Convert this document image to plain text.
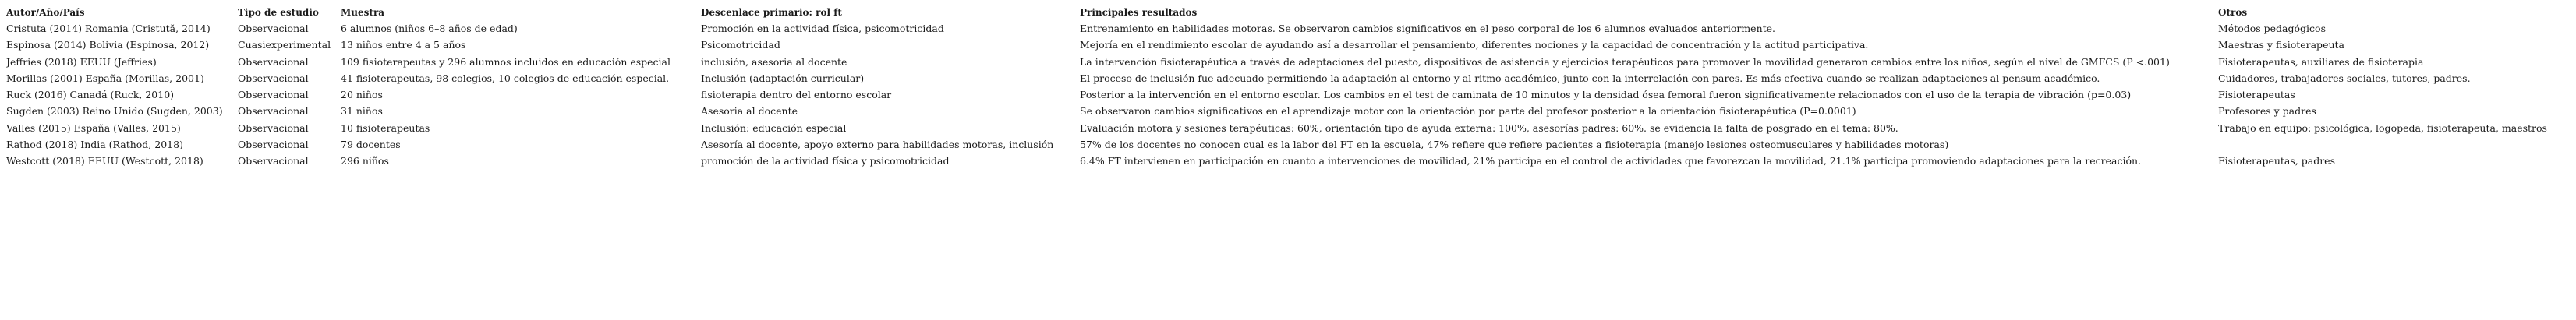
Autor/Año/País	Tipo de estudio	Muestra	Descenlace primario: rol ft	Principales resultados	Otros
Cristuta (2014) Romania (Cristută, 2014)	Observacional	6 alumnos (niños 6–8 años de edad)	Promoción en la actividad física, psicomotricidad	Entrenamiento en habilidades motoras. Se observaron cambios significativos en el peso corporal de los 6 alumnos evaluados anteriormente.	Métodos pedagógicos
Espinosa (2014) Bolivia (Espinosa, 2012)	Cuasiexperimental	13 niños entre 4 a 5 años	Psicomotricidad	Mejoría en el rendimiento escolar de ayudando así a desarrollar el pensamiento, diferentes nociones y la capacidad de concentración y la actitud participativa.	Maestras y fisioterapeuta
Jeffries (2018) EEUU (Jeffries)	Observacional	109 fisioterapeutas y 296 alumnos incluidos en educación especial	inclusión, asesoria al docente	La intervención fisioterapéutica a través de adaptaciones del puesto, dispositivos de asistencia y ejercicios terapéuticos para promover la movilidad generaron cambios entre los niños, según el nivel de GMFCS (P <.001)	Fisioterapeutas, auxiliares de fisioterapia
Morillas (2001) España (Morillas, 2001)	Observacional	41 fisioterapeutas, 98 colegios, 10 colegios de educación especial.	Inclusión (adaptación curricular)	El proceso de inclusión fue adecuado permitiendo la adaptación al entorno y al ritmo académico, junto con la interrelación con pares. Es más efectiva cuando se realizan adaptaciones al pensum académico.	Cuidadores, trabajadores sociales, tutores, padres.
Ruck (2016) Canadá (Ruck, 2010)	Observacional	20 niños	fisioterapia dentro del entorno escolar	Posterior a la intervención en el entorno escolar. Los cambios en el test de caminata de 10 minutos y la densidad ósea femoral fueron significativamente relacionados con el uso de la terapia de vibración (p=0.03)	Fisioterapeutas
Sugden (2003) Reino Unido (Sugden, 2003)	Observacional	31 niños	Asesoria al docente	Se observaron cambios significativos en el aprendizaje motor con la orientación por parte del profesor posterior a la orientación fisioterapéutica (P=0.0001)	Profesores y padres
Valles (2015) España (Valles, 2015)	Observacional	10 fisioterapeutas	Inclusión: educación especial	Evaluación motora y sesiones terapéuticas: 60%, orientación tipo de ayuda externa: 100%, asesorías padres: 60%. se evidencia la falta de posgrado en el tema: 80%.	Trabajo en equipo: psicológica, logopeda, fisioterapeuta, maestros
Rathod (2018) India (Rathod, 2018)	Observacional	79 docentes	Asesoría al docente, apoyo externo para habilidades motoras, inclusión	57% de los docentes no conocen cual es la labor del FT en la escuela, 47% refiere que refiere pacientes a fisioterapia (manejo lesiones osteomusculares y habilidades motoras)	
Westcott (2018) EEUU (Westcott, 2018)	Observacional	296 niños	promoción de la actividad física y psicomotricidad	6.4% FT intervienen en participación en cuanto a intervenciones de movilidad, 21% participa en el control de actividades que favorezcan la movilidad, 21.1% participa promoviendo adaptaciones para la recreación.	Fisioterapeutas, padres
